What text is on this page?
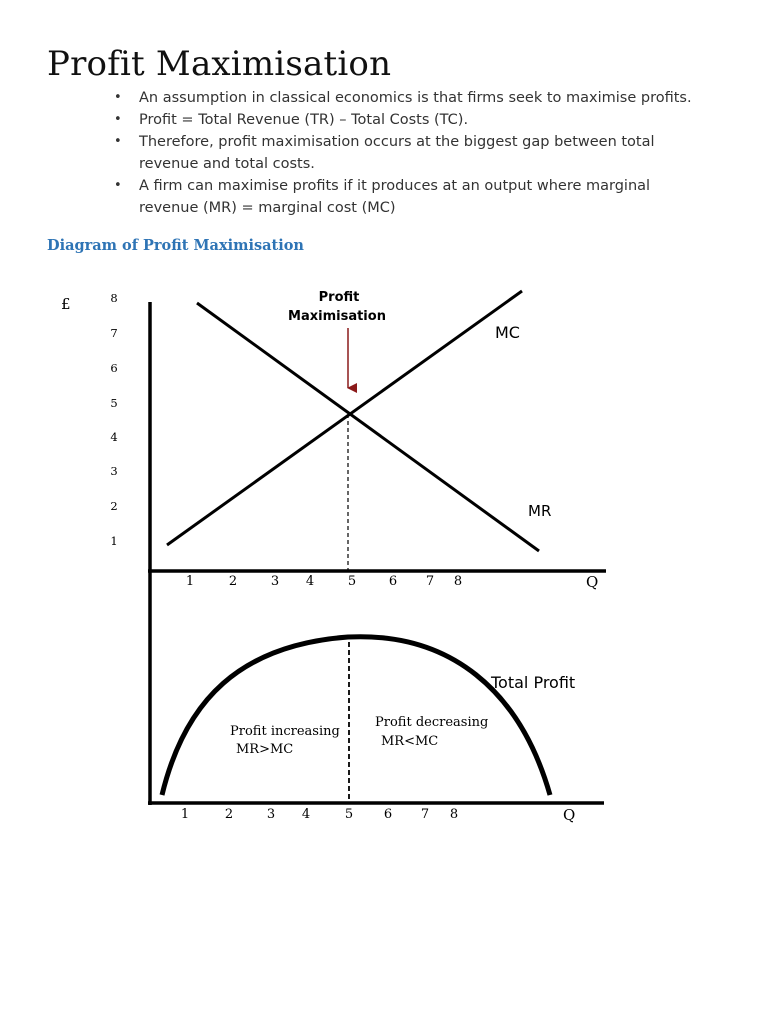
Profit Maximisation
• An assumption in classical economics is that firms seek to maximise profits.
• Profit = Total Revenue (TR) – Total Costs (TC).
• Therefore, profit maximisation occurs at the biggest gap between total revenue and total costs.
• A firm can maximise profits if it produces at an output where marginal revenue (MR) = marginal cost (MC)
Diagram of Profit Maximisation
£	8
7
6
5
4
3
2
1
1	2	3 4	5	6 7 8	Q
MC
MR
Profit
Maximisation
1	2	3 4	5 6 7 8	Q
Total Profit
Profit increasing
MR>MC
Profit decreasing
MR<MC
